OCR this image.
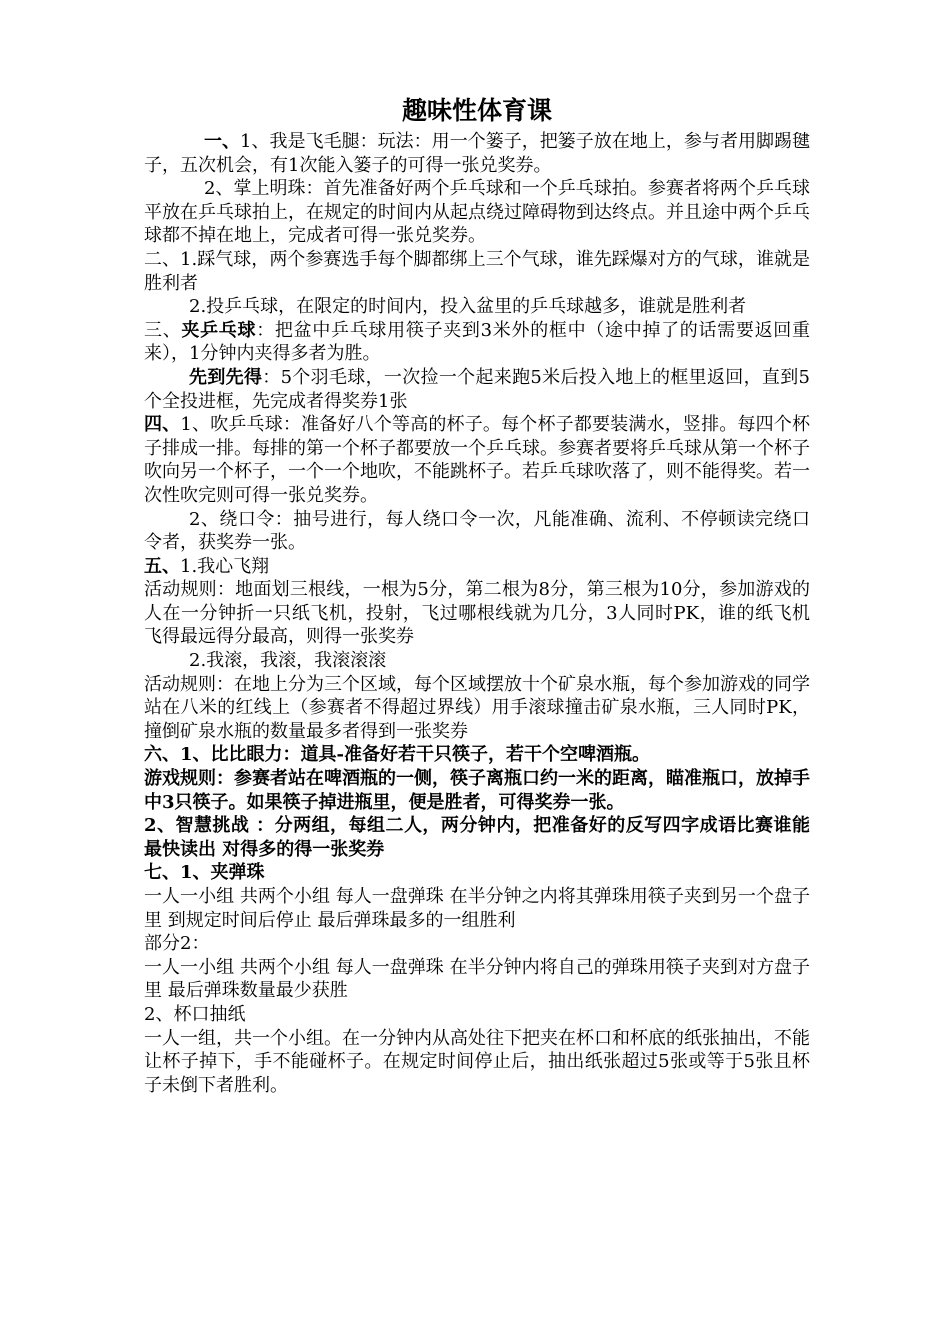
趣味性体育课

一、1、我是飞毛腿：玩法：用一个篓子，把篓子放在地上，参与者用脚踢毽子，五次机会，有1次能入篓子的可得一张兑奖券。

2、掌上明珠：首先准备好两个乒乓球和一个乒乓球拍。参赛者将两个乒乓球平放在乒乓球拍上，在规定的时间内从起点绕过障碍物到达终点。并且途中两个乒乓球都不掉在地上，完成者可得一张兑奖券。

二、1.踩气球，两个参赛选手每个脚都绑上三个气球，谁先踩爆对方的气球，谁就是胜利者

2.投乒乓球，在限定的时间内，投入盆里的乒乓球越多，谁就是胜利者

三、夹乒乓球：把盆中乒乓球用筷子夹到3米外的框中（途中掉了的话需要返回重来），1分钟内夹得多者为胜。

先到先得：5个羽毛球，一次捡一个起来跑5米后投入地上的框里返回，直到5个全投进框，先完成者得奖券1张

四、1、吹乒乓球：准备好八个等高的杯子。每个杯子都要装满水，竖排。每四个杯子排成一排。每排的第一个杯子都要放一个乒乓球。参赛者要将乒乓球从第一个杯子吹向另一个杯子，一个一个地吹，不能跳杯子。若乒乓球吹落了，则不能得奖。若一次性吹完则可得一张兑奖券。

2、绕口令：抽号进行，每人绕口令一次，凡能准确、流利、不停顿读完绕口令者，获奖券一张。

五、1.我心飞翔

活动规则：地面划三根线，一根为5分，第二根为8分，第三根为10分，参加游戏的人在一分钟折一只纸飞机，投射，飞过哪根线就为几分，3人同时PK，谁的纸飞机飞得最远得分最高，则得一张奖券

2.我滚，我滚，我滚滚滚

活动规则：在地上分为三个区域，每个区域摆放十个矿泉水瓶，每个参加游戏的同学站在八米的红线上（参赛者不得超过界线）用手滚球撞击矿泉水瓶，三人同时PK，撞倒矿泉水瓶的数量最多者得到一张奖券

六、1、比比眼力：道具-准备好若干只筷子，若干个空啤酒瓶。

游戏规则：参赛者站在啤酒瓶的一侧，筷子离瓶口约一米的距离，瞄准瓶口，放掉手中3只筷子。如果筷子掉进瓶里，便是胜者，可得奖券一张。

2、智慧挑战 ：分两组，每组二人，两分钟内，把准备好的反写四字成语比赛谁能最快读出 对得多的得一张奖券

七、1、夹弹珠

一人一小组 共两个小组 每人一盘弹珠 在半分钟之内将其弹珠用筷子夹到另一个盘子里 到规定时间后停止 最后弹珠最多的一组胜利

部分2：

一人一小组 共两个小组 每人一盘弹珠 在半分钟内将自己的弹珠用筷子夹到对方盘子里 最后弹珠数量最少获胜

2、杯口抽纸

一人一组，共一个小组。在一分钟内从高处往下把夹在杯口和杯底的纸张抽出，不能让杯子掉下，手不能碰杯子。在规定时间停止后，抽出纸张超过5张或等于5张且杯子未倒下者胜利。
